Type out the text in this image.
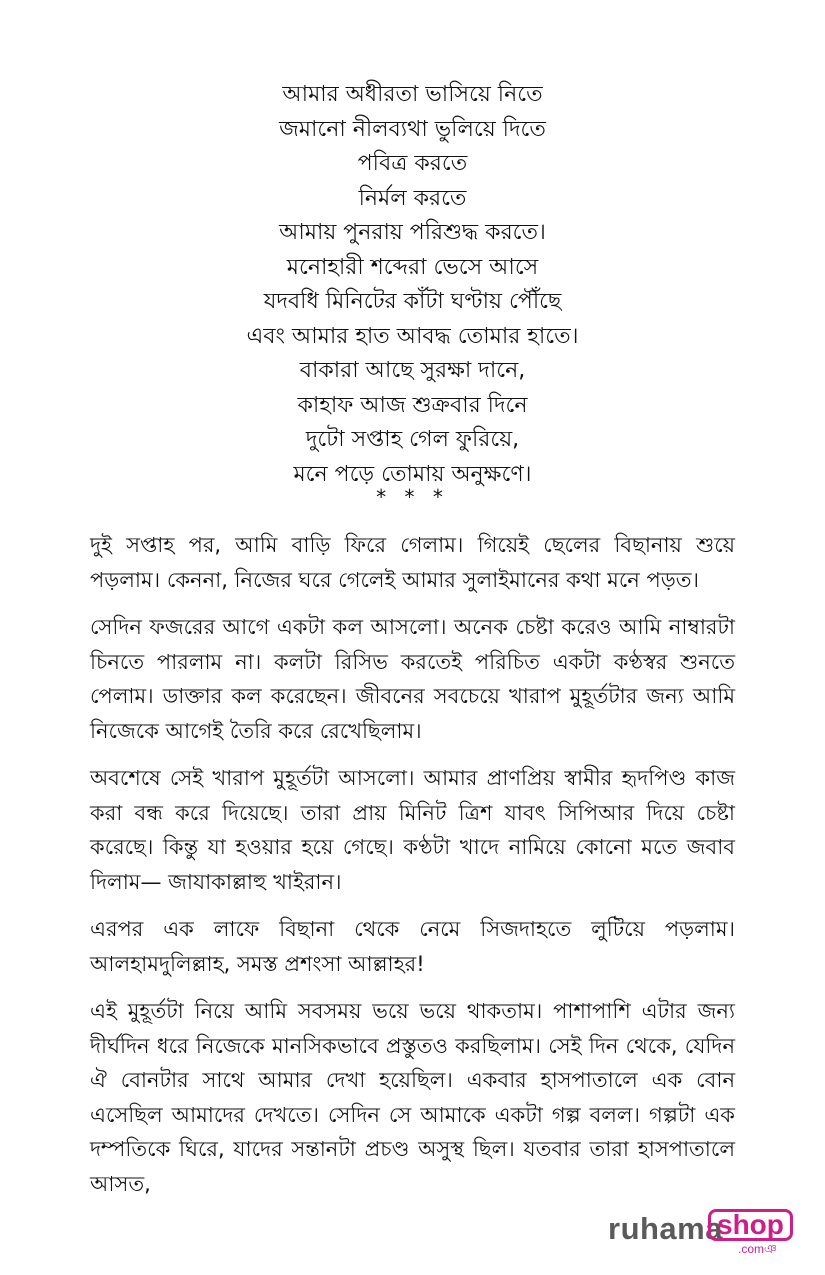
আমার অধীরতা ভাসিয়ে নিতে
জমানো নীলব্যথা ভুলিয়ে দিতে
পবিত্র করতে
নির্মল করতে
আমায় পুনরায় পরিশুদ্ধ করতে।
মনোহারী শব্দেরা ভেসে আসে
যদবধি মিনিটের কাঁটা ঘণ্টায় পৌঁছে
এবং আমার হাত আবদ্ধ তোমার হাতে।
বাকারা আছে সুরক্ষা দানে,
কাহাফ আজ শুক্রবার দিনে
দুটো সপ্তাহ গেল ফুরিয়ে,
মনে পড়ে তোমায় অনুক্ষণে।
* * *

দুই সপ্তাহ পর, আমি বাড়ি ফিরে গেলাম। গিয়েই ছেলের বিছানায় শুয়ে পড়লাম। কেননা, নিজের ঘরে গেলেই আমার সুলাইমানের কথা মনে পড়ত।

সেদিন ফজরের আগে একটা কল আসলো। অনেক চেষ্টা করেও আমি নাম্বারটা চিনতে পারলাম না। কলটা রিসিভ করতেই পরিচিত একটা কণ্ঠস্বর শুনতে পেলাম। ডাক্তার কল করেছেন। জীবনের সবচেয়ে খারাপ মুহূর্তটার জন্য আমি নিজেকে আগেই তৈরি করে রেখেছিলাম।

অবশেষে সেই খারাপ মুহূর্তটা আসলো। আমার প্রাণপ্রিয় স্বামীর হৃদপিণ্ড কাজ করা বন্ধ করে দিয়েছে। তারা প্রায় মিনিট ত্রিশ যাবৎ সিপিআর দিয়ে চেষ্টা করেছে। কিন্তু যা হওয়ার হয়ে গেছে। কণ্ঠটা খাদে নামিয়ে কোনো মতে জবাব দিলাম— জাযাকাল্লাহু খাইরান।

এরপর এক লাফে বিছানা থেকে নেমে সিজদাহতে লুটিয়ে পড়লাম। আলহামদুলিল্লাহ, সমস্ত প্রশংসা আল্লাহর!

এই মুহূর্তটা নিয়ে আমি সবসময় ভয়ে ভয়ে থাকতাম। পাশাপাশি এটার জন্য দীর্ঘদিন ধরে নিজেকে মানসিকভাবে প্রস্তুতও করছিলাম। সেই দিন থেকে, যেদিন ঐ বোনটার সাথে আমার দেখা হয়েছিল। একবার হাসপাতালে এক বোন এসেছিল আমাদের দেখতে। সেদিন সে আমাকে একটা গল্প বলল। গল্পটা এক দম্পতিকে ঘিরে, যাদের সন্তানটা প্রচণ্ড অসুস্থ ছিল। যতবার তারা হাসপাতালে আসত,

ruhama
shop
.comঞ
